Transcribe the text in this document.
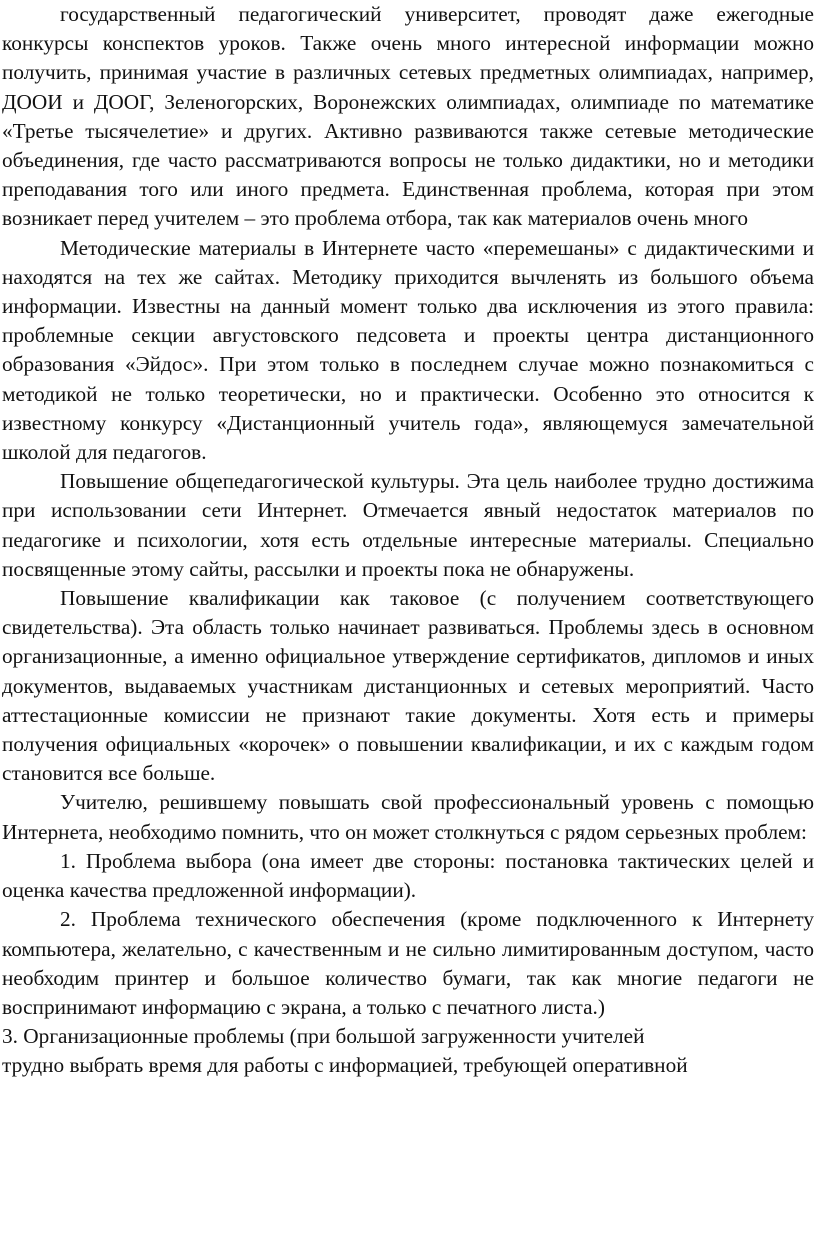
государственный педагогический университет, проводят даже ежегодные конкурсы конспектов уроков. Также очень много интересной информации можно получить, принимая участие в различных сетевых предметных олимпиадах, например, ДООИ и ДООГ, Зеленогорских, Воронежских олимпиадах, олимпиаде по математике «Третье тысячелетие» и других. Активно развиваются также сетевые методические объединения, где часто рассматриваются вопросы не только дидактики, но и методики преподавания того или иного предмета. Единственная проблема, которая при этом возникает перед учителем – это проблема отбора, так как материалов очень много

Методические материалы в Интернете часто «перемешаны» с дидактическими и находятся на тех же сайтах. Методику приходится вычленять из большого объема информации. Известны на данный момент только два исключения из этого правила: проблемные секции августовского педсовета и проекты центра дистанционного образования «Эйдос». При этом только в последнем случае можно познакомиться с методикой не только теоретически, но и практически. Особенно это относится к известному конкурсу «Дистанционный учитель года», являющемуся замечательной школой для педагогов.

Повышение общепедагогической культуры. Эта цель наиболее трудно достижима при использовании сети Интернет. Отмечается явный недостаток материалов по педагогике и психологии, хотя есть отдельные интересные материалы. Специально посвященные этому сайты, рассылки и проекты пока не обнаружены.

Повышение квалификации как таковое (с получением соответствующего свидетельства). Эта область только начинает развиваться. Проблемы здесь в основном организационные, а именно официальное утверждение сертификатов, дипломов и иных документов, выдаваемых участникам дистанционных и сетевых мероприятий. Часто аттестационные комиссии не признают такие документы. Хотя есть и примеры получения официальных «корочек» о повышении квалификации, и их с каждым годом становится все больше.

Учителю, решившему повышать свой профессиональный уровень с помощью Интернета, необходимо помнить, что он может столкнуться с рядом серьезных проблем:

1. Проблема выбора (она имеет две стороны: постановка тактических целей и оценка качества предложенной информации).

2. Проблема технического обеспечения (кроме подключенного к Интернету компьютера, желательно, с качественным и не сильно лимитированным доступом, часто необходим принтер и большое количество бумаги, так как многие педагоги не воспринимают информацию с экрана, а только с печатного листа.)

3. Организационные проблемы (при большой загруженности учителей

трудно выбрать время для работы с информацией, требующей оперативной
